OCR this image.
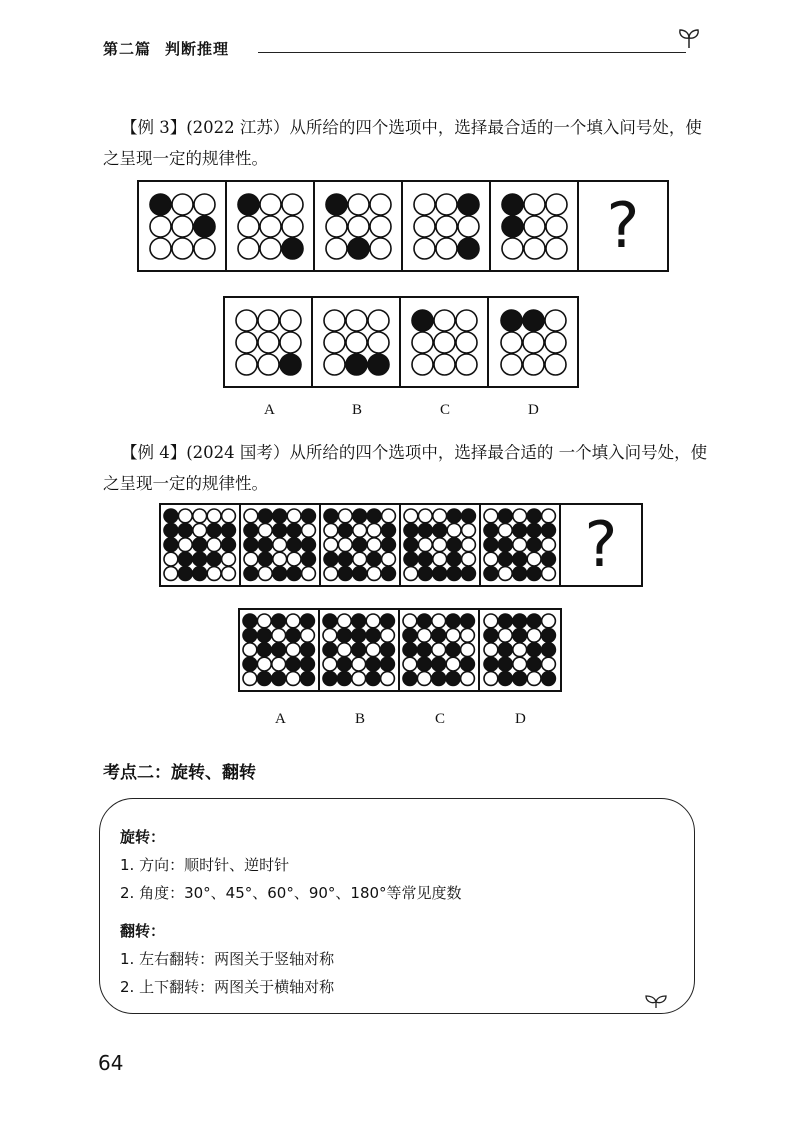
第二篇 判断推理
【例 3】(2022 江苏）从所给的四个选项中，选择最合适的一个填入问号处，使
之呈现一定的规律性。
?
A	B	C	D
【例 4】(2024 国考）从所给的四个选项中，选择最合适的 一个填入问号处，使
之呈现一定的规律性。
?
A	B	C	D
考点二：旋转、翻转
旋转：
1. 方向：顺时针、逆时针
2. 角度：30°、45°、60°、90°、180°等常见度数
翻转：
1. 左右翻转：两图关于竖轴对称
2. 上下翻转：两图关于横轴对称
64
